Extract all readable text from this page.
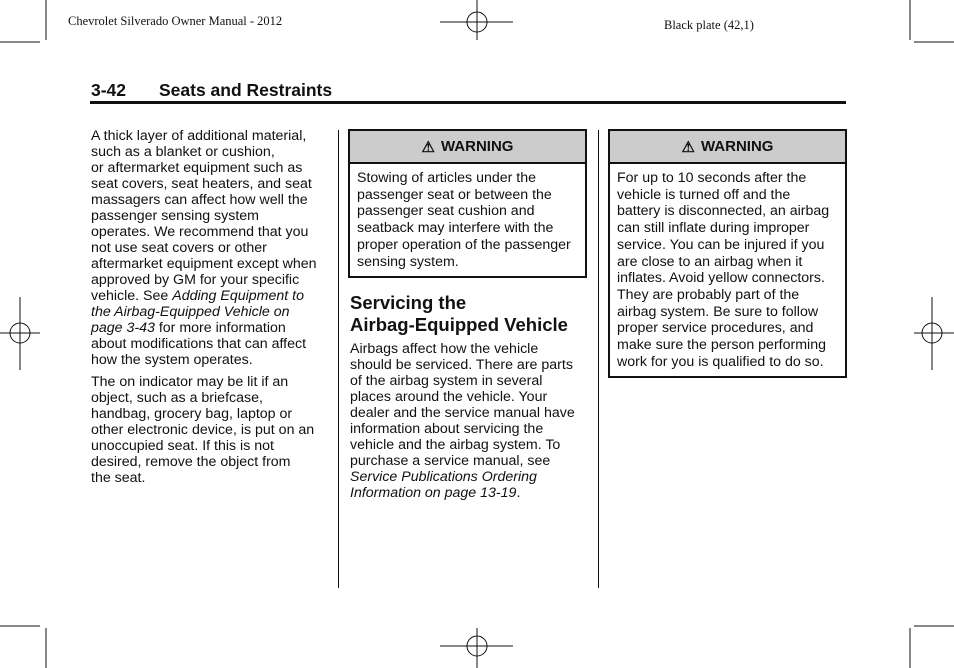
Chevrolet Silverado Owner Manual - 2012	Black plate (42,1)
3-42 Seats and Restraints
A thick layer of additional material,
such as a blanket or cushion,
or aftermarket equipment such as
seat covers, seat heaters, and seat
massagers can affect how well the
passenger sensing system
operates. We recommend that you
not use seat covers or other
aftermarket equipment except when
approved by GM for your specific
vehicle. See Adding Equipment to
the Airbag-Equipped Vehicle on
page 3-43 for more information
about modifications that can affect
how the system operates.
The on indicator may be lit if an
object, such as a briefcase,
handbag, grocery bag, laptop or
other electronic device, is put on an
unoccupied seat. If this is not
desired, remove the object from
the seat.
⚠ WARNING
Stowing of articles under the
passenger seat or between the
passenger seat cushion and
seatback may interfere with the
proper operation of the passenger
sensing system.
Servicing the
Airbag-Equipped Vehicle
Airbags affect how the vehicle
should be serviced. There are parts
of the airbag system in several
places around the vehicle. Your
dealer and the service manual have
information about servicing the
vehicle and the airbag system. To
purchase a service manual, see
Service Publications Ordering
Information on page 13-19.
⚠ WARNING
For up to 10 seconds after the
vehicle is turned off and the
battery is disconnected, an airbag
can still inflate during improper
service. You can be injured if you
are close to an airbag when it
inflates. Avoid yellow connectors.
They are probably part of the
airbag system. Be sure to follow
proper service procedures, and
make sure the person performing
work for you is qualified to do so.
